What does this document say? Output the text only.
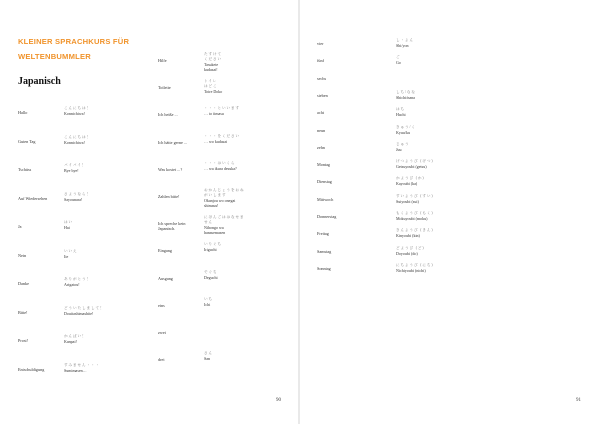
KLEINER SPRACHKURS FÜR WELTENBUMMLER
Japanisch
Hallo
こんにちは！
Konnichiwa!
Guten Tag
こんにちは！
Konnichiwa!
Tschüss
バイバイ！
Bye bye!
Auf Wiedersehen
さようなら！
Sayounara!
Ja
はい
Hai
Nein
いいえ
Iie
Danke
ありがとう！
Arigatou!
Bitte!
どういたしまして！
Douitashimashite!
Prost!
かんぱい！
Kanpai!
Entschuldigung
すみません・・・
Sumimasen…
Hilfe
たすけて
ください
Tasukete
kudasai!
Toilette
トイレ
はどこ
Toire Doko
Ich heiße ...
・・・といいます
… to iimasu
Ich hätte gerne ...
・・・をください
… wo kudasai
Was kostet ...?
・・・はいくら
… wa ikura desuka?
Zahlen bitte!
おかんじょうをおねがいします
Okanjou wo onegai
shimasu!
Ich spreche kein Japanisch.
にほんごははなせません
Nihongo wa
hanasemasen
Eingang
いりぐち
Iriguchi
Ausgang
でぐち
Deguchi
eins
いち
Ichi
zwei
drei
さん
San
90
vier
し・よん
Shi/yon
fünf
ご
Go
sechs
sieben
しち/なな
Shichi/nana
acht
はち
Hachi
neun
きゅう/く
Kyuu/ku
zehn
じゅう
Juu
Montag
げつようび (げつ)
Getsuyoubi (getsu)
Dienstag
かようび (か)
Kayoubi (ka)
Mittwoch
すいようび (すい)
Suiyoubi (sui)
Donnerstag
もくようび (もく)
Mokuyoubi (moku)
Freitag
きんようび (きん)
Kinyoubi (kin)
Samstag
どようび (ど)
Doyoubi (do)
Sonntag
にちようび (にち)
Nichiyoubi (nichi)
91
